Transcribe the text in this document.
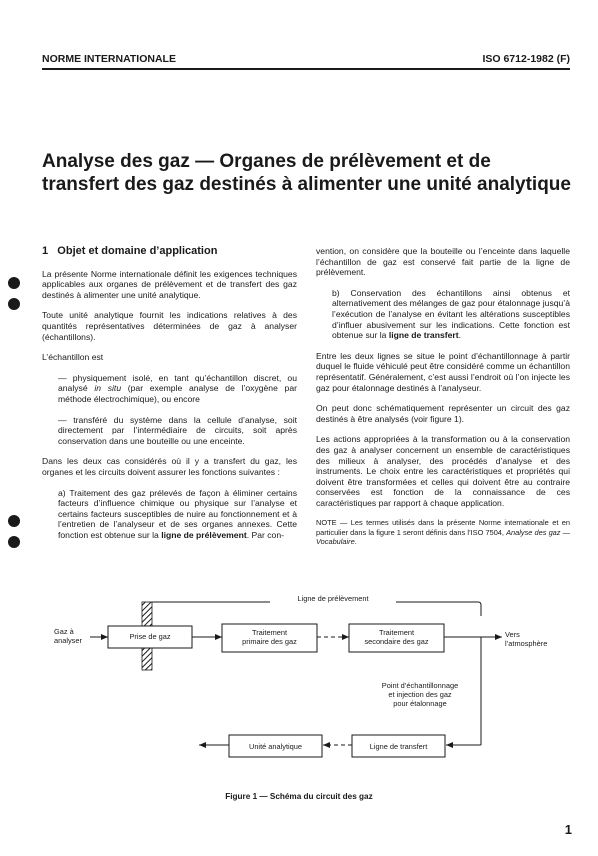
NORME INTERNATIONALE	ISO 6712-1982 (F)
Analyse des gaz — Organes de prélèvement et de
transfert des gaz destinés à alimenter une unité analytique

1 Objet et domaine d’application

La présente Norme internationale définit les exigences techniques applicables aux organes de prélèvement et de transfert des gaz destinés à alimenter une unité analytique.

Toute unité analytique fournit les indications relatives à des quantités représentatives déterminées de gaz à analyser (échantillons).

L’échantillon est

— physiquement isolé, en tant qu’échantillon discret, ou analysé in situ (par exemple analyse de l’oxygène par méthode électrochimique), ou encore

— transféré du système dans la cellule d’analyse, soit directement par l’intermédiaire de circuits, soit après conservation dans une bouteille ou une enceinte.

Dans les deux cas considérés où il y a transfert du gaz, les organes et les circuits doivent assurer les fonctions suivantes :

a) Traitement des gaz prélevés de façon à éliminer certains facteurs d’influence chimique ou physique sur l’analyse et certains facteurs susceptibles de nuire au fonctionnement et à l’entretien de l’analyseur et de ses organes annexes. Cette fonction est obtenue sur la ligne de prélèvement. Par con-

vention, on considère que la bouteille ou l’enceinte dans laquelle l’échantillon de gaz est conservé fait partie de la ligne de prélèvement.

b) Conservation des échantillons ainsi obtenus et alternativement des mélanges de gaz pour étalonnage jusqu’à l’exécution de l’analyse en évitant les altérations susceptibles d’influer abusivement sur les indications. Cette fonction est obtenue sur la ligne de transfert.

Entre les deux lignes se situe le point d’échantillonnage à partir duquel le fluide véhiculé peut être considéré comme un échantillon représentatif. Généralement, c’est aussi l’endroit où l’on injecte les gaz pour étalonnage destinés à l’analyseur.

On peut donc schématiquement représenter un circuit des gaz destinés à être analysés (voir figure 1).

Les actions appropriées à la transformation ou à la conservation des gaz à analyser concernent un ensemble de caractéristiques des milieux à analyser, des procédés d’analyse et des instruments. Le choix entre les caractéristiques et propriétés qui doivent être transformées et celles qui doivent être au contraire conservées est fonction de la connaissance de ces caractéristiques par rapport à chaque application.

NOTE — Les termes utilisés dans la présente Norme internationale et en particulier dans la figure 1 seront définis dans l’ISO 7504, Analyse des gaz — Vocabulaire.

Ligne de prélèvement
Gaz à
analyser	Prise de gaz	Traitement
primaire des gaz
Traitement
secondaire des gaz
Vers
l’atmosphère
Point d’échantillonnage
et injection des gaz
pour étalonnage
Unité analytique	Ligne de transfert
Figure 1 — Schéma du circuit des gaz
1
